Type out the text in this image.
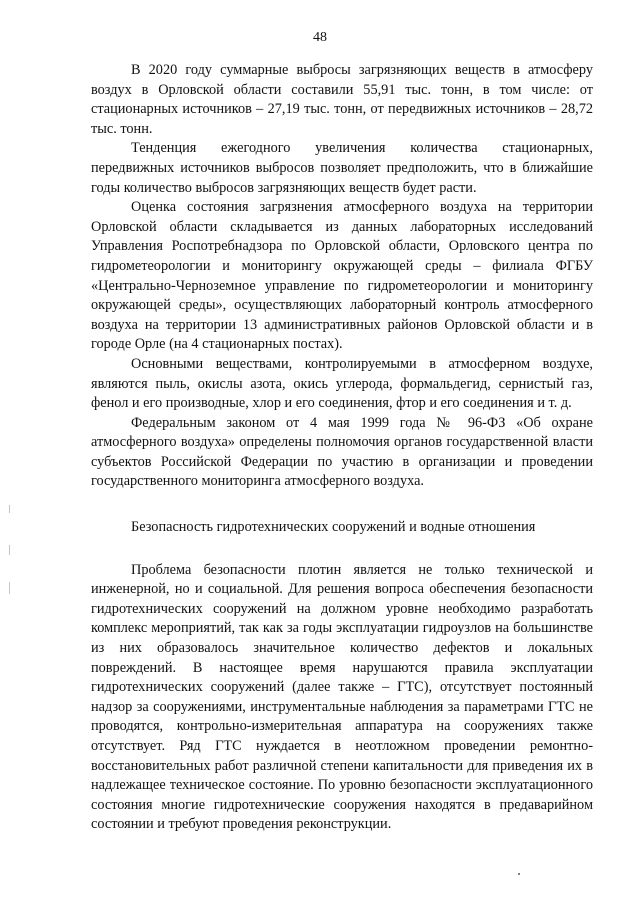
48

В 2020 году суммарные выбросы загрязняющих веществ в атмосферу воздух в Орловской области составили 55,91 тыс. тонн, в том числе: от стационарных источников – 27,19 тыс. тонн, от передвижных источников – 28,72 тыс. тонн.

Тенденция ежегодного увеличения количества стационарных, передвижных источников выбросов позволяет предположить, что в ближайшие годы количество выбросов загрязняющих веществ будет расти.

Оценка состояния загрязнения атмосферного воздуха на территории Орловской области складывается из данных лабораторных исследований Управления Роспотребнадзора по Орловской области, Орловского центра по гидрометеорологии и мониторингу окружающей среды – филиала ФГБУ «Центрально-Черноземное управление по гидрометеорологии и мониторингу окружающей среды», осуществляющих лабораторный контроль атмосферного воздуха на территории 13 административных районов Орловской области и в городе Орле (на 4 стационарных постах).

Основными веществами, контролируемыми в атмосферном воздухе, являются пыль, окислы азота, окись углерода, формальдегид, сернистый газ, фенол и его производные, хлор и его соединения, фтор и его соединения и т. д.

Федеральным законом от 4 мая 1999 года № 96-ФЗ «Об охране атмосферного воздуха» определены полномочия органов государственной власти субъектов Российской Федерации по участию в организации и проведении государственного мониторинга атмосферного воздуха.

Безопасность гидротехнических сооружений и водные отношения

Проблема безопасности плотин является не только технической и инженерной, но и социальной. Для решения вопроса обеспечения безопасности гидротехнических сооружений на должном уровне необходимо разработать комплекс мероприятий, так как за годы эксплуатации гидроузлов на большинстве из них образовалось значительное количество дефектов и локальных повреждений. В настоящее время нарушаются правила эксплуатации гидротехнических сооружений (далее также – ГТС), отсутствует постоянный надзор за сооружениями, инструментальные наблюдения за параметрами ГТС не проводятся, контрольно-измерительная аппаратура на сооружениях также отсутствует. Ряд ГТС нуждается в неотложном проведении ремонтно-восстановительных работ различной степени капитальности для приведения их в надлежащее техническое состояние. По уровню безопасности эксплуатационного состояния многие гидротехнические сооружения находятся в предаварийном состоянии и требуют проведения реконструкции.
